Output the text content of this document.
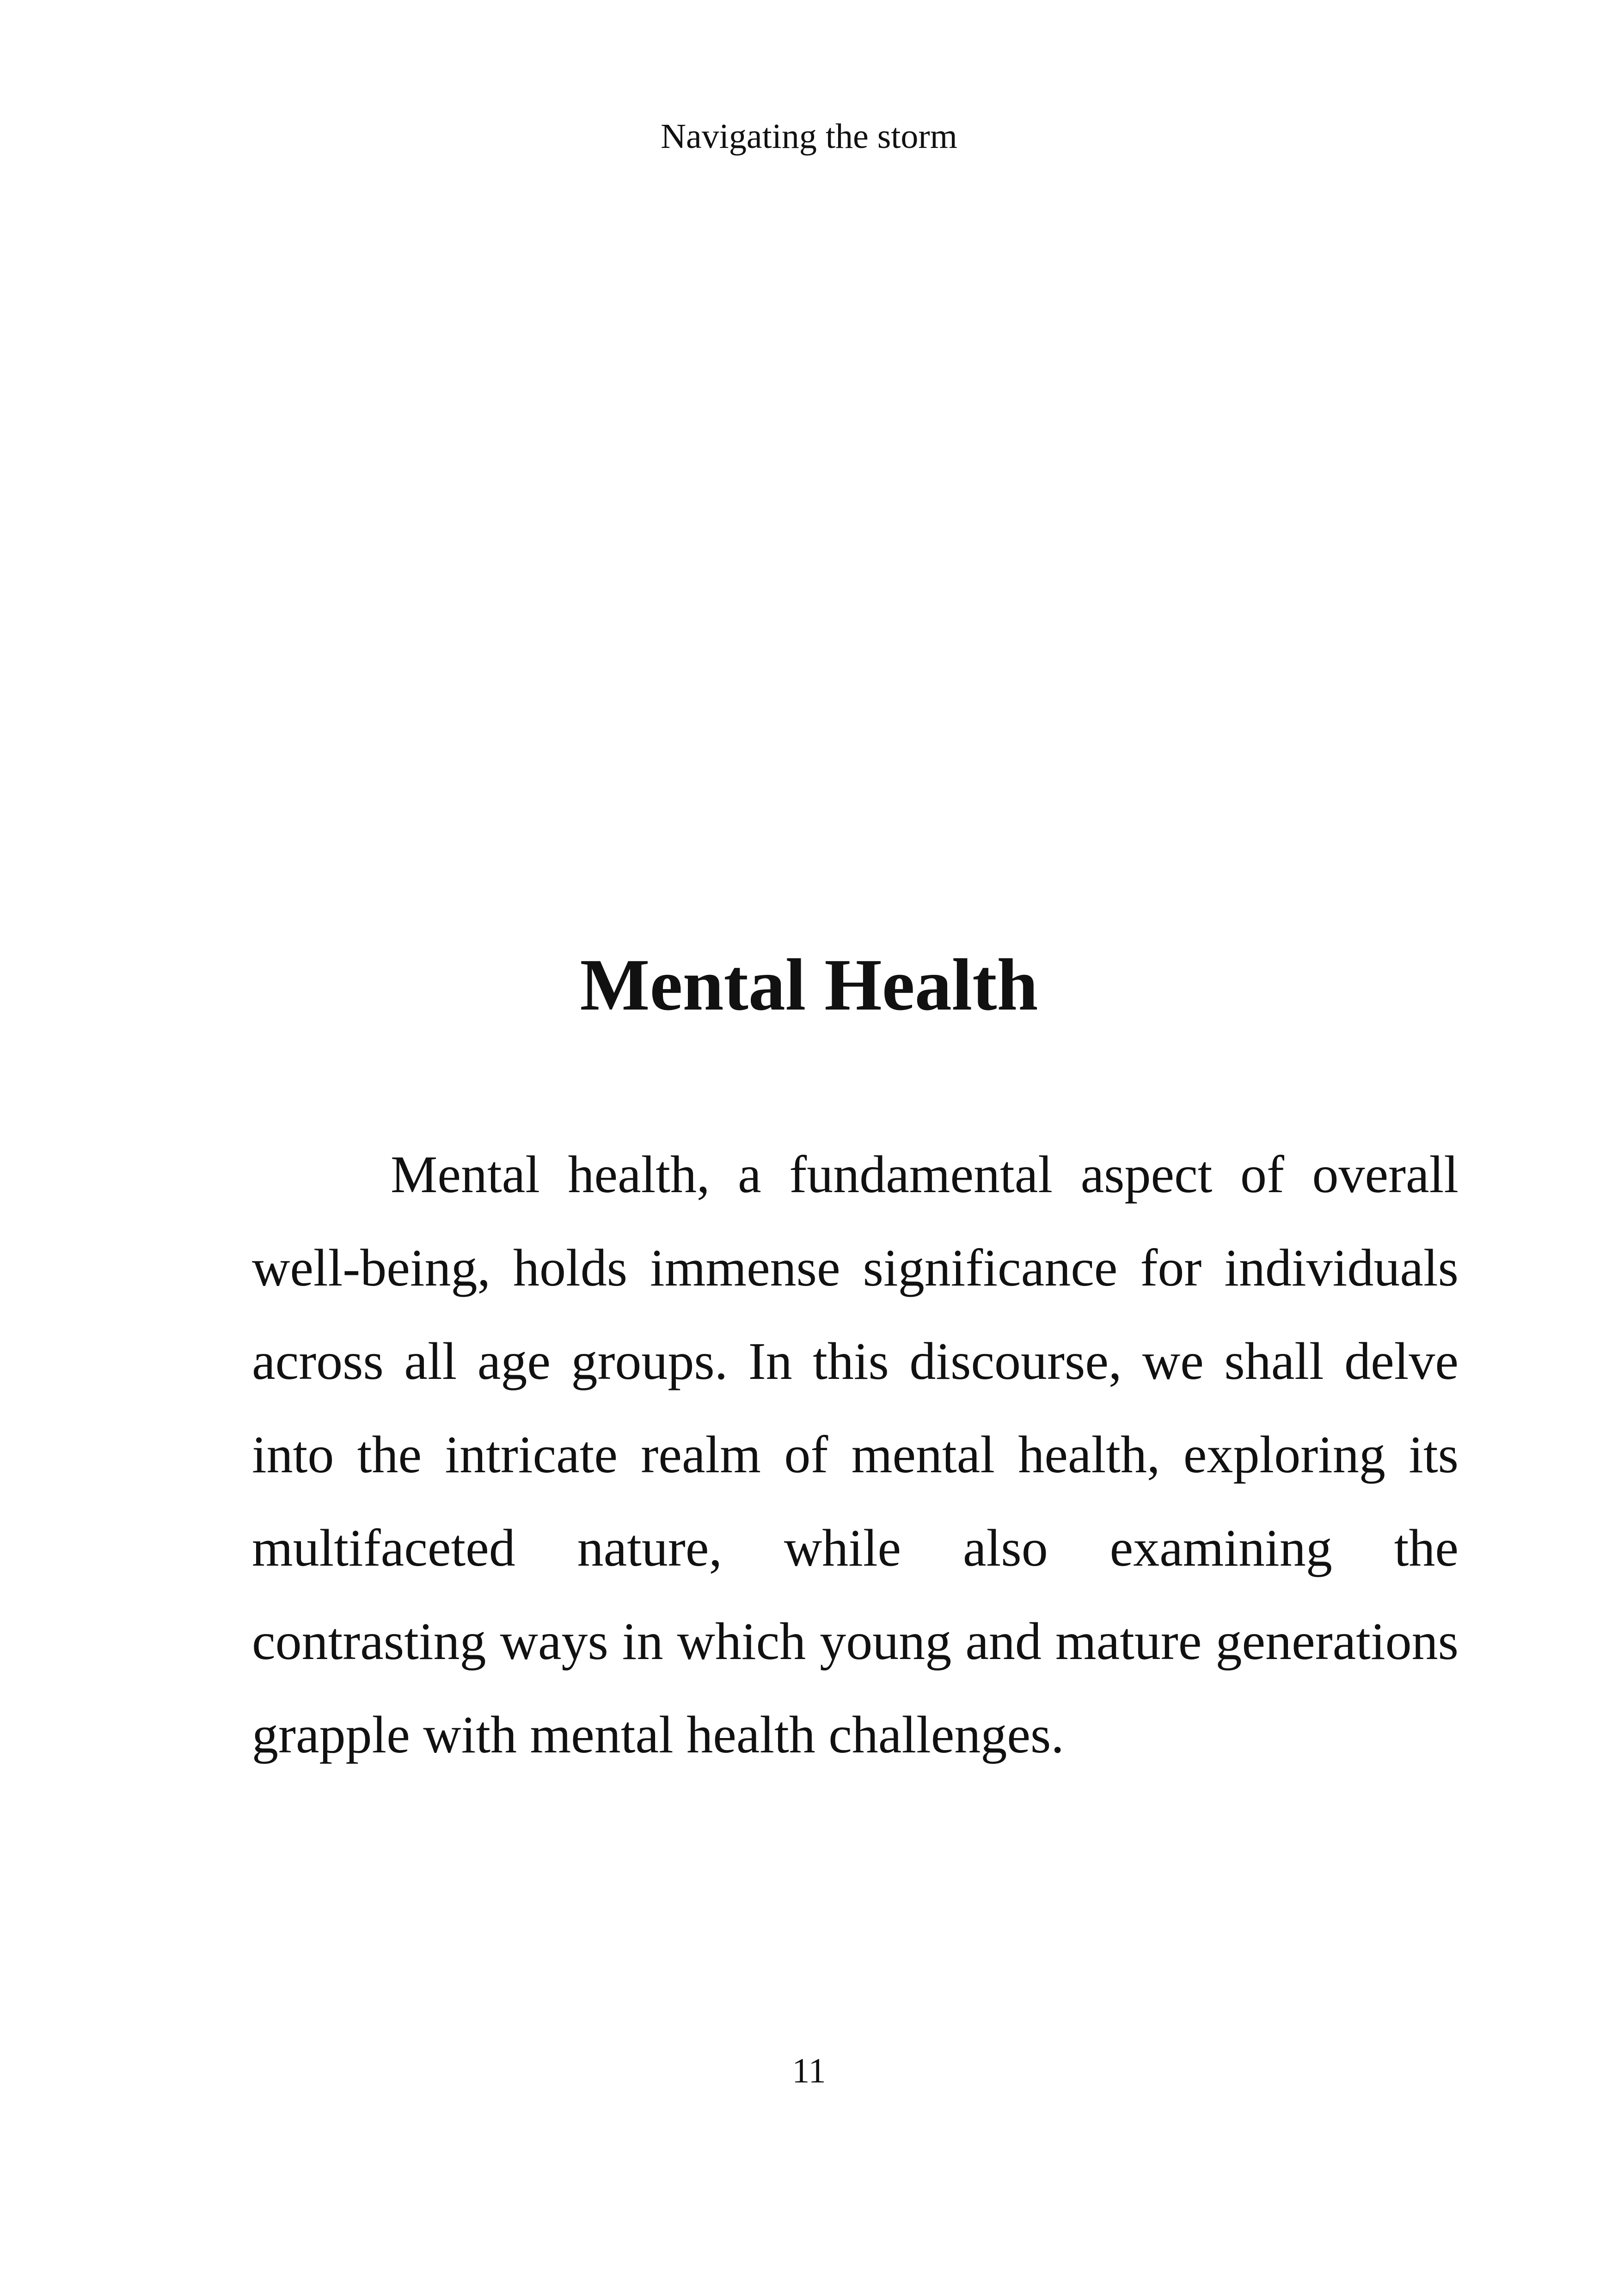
Navigating the storm
Mental Health

Mental health, a fundamental aspect of overall well-being, holds immense significance for individuals across all age groups. In this discourse, we shall delve into the intricate realm of mental health, exploring its multifaceted nature, while also examining the contrasting ways in which young and mature generations grapple with mental health challenges.

11
